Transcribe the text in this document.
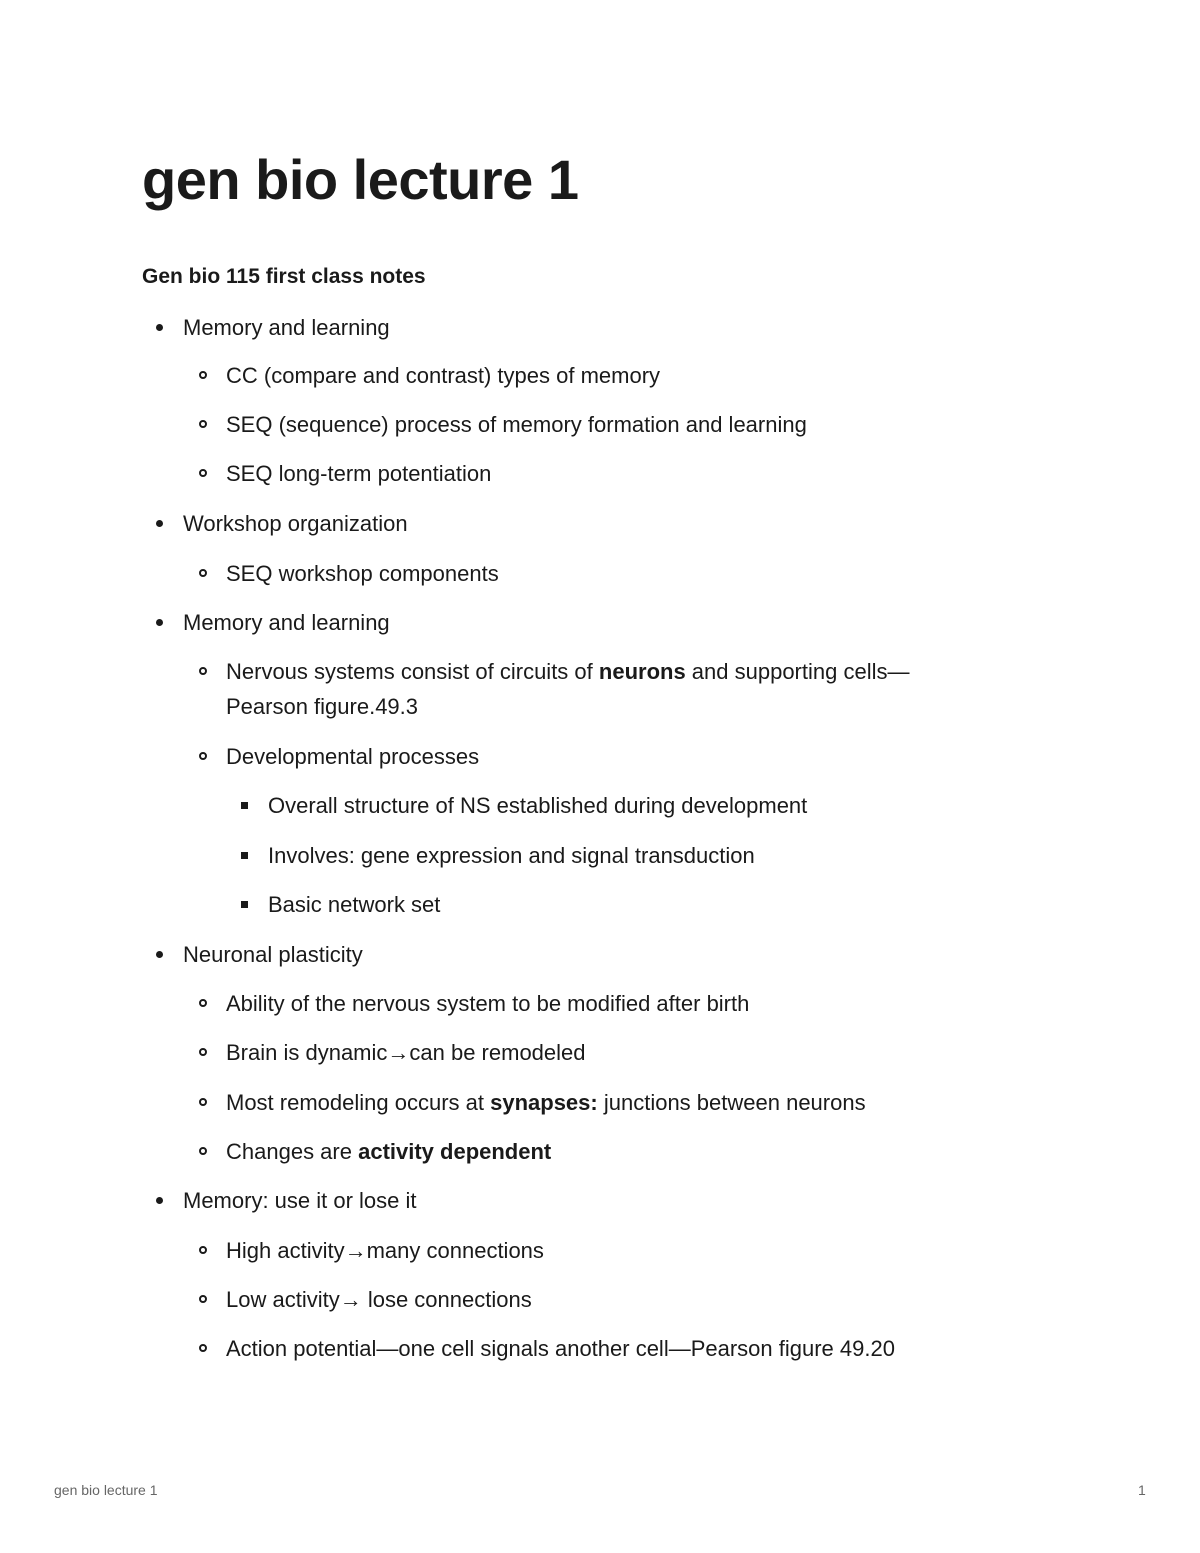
gen bio lecture 1

Gen bio 115 first class notes

Memory and learning
CC (compare and contrast) types of memory
SEQ (sequence) process of memory formation and learning
SEQ long-term potentiation
Workshop organization
SEQ workshop components
Memory and learning
Nervous systems consist of circuits of neurons and supporting cells—
Pearson figure.49.3
Developmental processes
Overall structure of NS established during development
Involves: gene expression and signal transduction
Basic network set
Neuronal plasticity
Ability of the nervous system to be modified after birth
Brain is dynamic→can be remodeled
Most remodeling occurs at synapses: junctions between neurons
Changes are activity dependent
Memory: use it or lose it
High activity→many connections
Low activity→ lose connections
Action potential—one cell signals another cell—Pearson figure 49.20
gen bio lecture 1	1
